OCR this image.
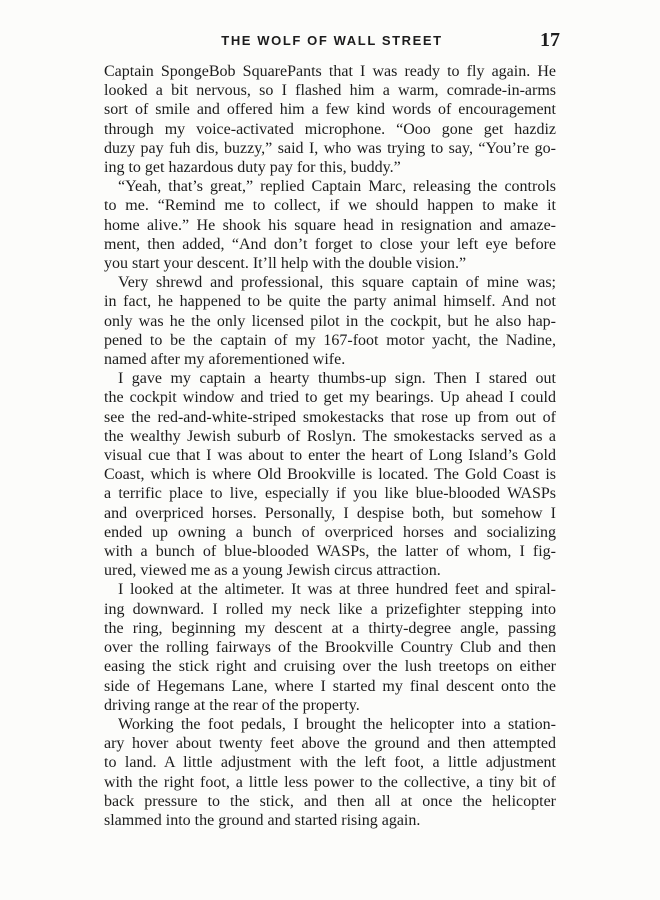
THE WOLF OF WALL STREET	17

Captain SpongeBob SquarePants that I was ready to fly again. He
looked a bit nervous, so I flashed him a warm, comrade-in-arms
sort of smile and offered him a few kind words of encouragement
through my voice-activated microphone. “Ooo gone get hazdiz
duzy pay fuh dis, buzzy,” said I, who was trying to say, “You’re go-
ing to get hazardous duty pay for this, buddy.”

“Yeah, that’s great,” replied Captain Marc, releasing the controls
to me. “Remind me to collect, if we should happen to make it
home alive.” He shook his square head in resignation and amaze-
ment, then added, “And don’t forget to close your left eye before
you start your descent. It’ll help with the double vision.”

Very shrewd and professional, this square captain of mine was;
in fact, he happened to be quite the party animal himself. And not
only was he the only licensed pilot in the cockpit, but he also hap-
pened to be the captain of my 167-foot motor yacht, the Nadine,
named after my aforementioned wife.

I gave my captain a hearty thumbs-up sign. Then I stared out
the cockpit window and tried to get my bearings. Up ahead I could
see the red-and-white-striped smokestacks that rose up from out of
the wealthy Jewish suburb of Roslyn. The smokestacks served as a
visual cue that I was about to enter the heart of Long Island’s Gold
Coast, which is where Old Brookville is located. The Gold Coast is
a terrific place to live, especially if you like blue-blooded WASPs
and overpriced horses. Personally, I despise both, but somehow I
ended up owning a bunch of overpriced horses and socializing
with a bunch of blue-blooded WASPs, the latter of whom, I fig-
ured, viewed me as a young Jewish circus attraction.

I looked at the altimeter. It was at three hundred feet and spiral-
ing downward. I rolled my neck like a prizefighter stepping into
the ring, beginning my descent at a thirty-degree angle, passing
over the rolling fairways of the Brookville Country Club and then
easing the stick right and cruising over the lush treetops on either
side of Hegemans Lane, where I started my final descent onto the
driving range at the rear of the property.

Working the foot pedals, I brought the helicopter into a station-
ary hover about twenty feet above the ground and then attempted
to land. A little adjustment with the left foot, a little adjustment
with the right foot, a little less power to the collective, a tiny bit of
back pressure to the stick, and then all at once the helicopter
slammed into the ground and started rising again.
